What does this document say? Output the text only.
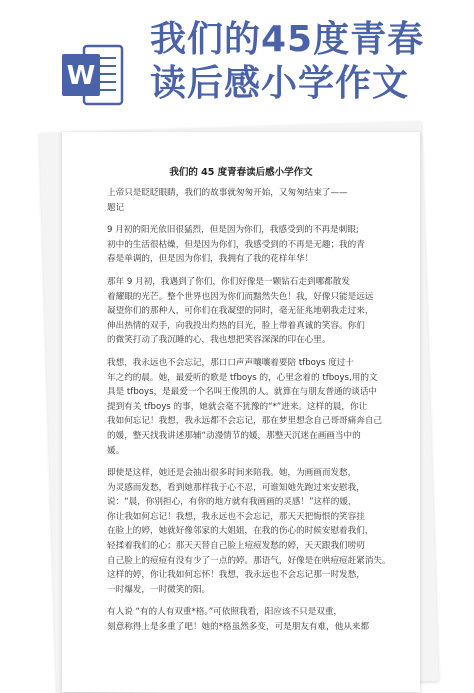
W
我们的45度青春
读后感小学作文
我们的 45 度青春读后感小学作文
上帝只是眨眨眼睛，我们的故事就匆匆开始，又匆匆结束了——
题记
9 月初的阳光依旧很猛烈，但是因为你们，我感受到的不再是刺眼;
初中的生活很枯燥，但是因为你们，我感受到的不再是无趣；我的青
春是单调的，但是因为你们，我拥有了我的花样年华！
那年 9 月初，我遇到了你们，你们好像是一颗钻石走到哪都散发
着耀眼的光芒。整个世界也因为你们而黯然失色！我，好像只能是远远
凝望你们的那种人，可你们在我凝望的同时，毫无征兆地朝我走过来，
伸出热情的双手，向我投出灼热的目光，脸上带着真诚的笑容。你们
的微笑打动了我沉睡的心，我也想把笑容深深的印在心里。
我想，我永远也不会忘记，那口口声声嚷嚷着要陪 tfboys 度过十
年之约的晨。她，最爱听的歌是 tfboys 的，心里念着的 tfboys,用的文
具是 tfboys，是最爱一个名叫王俊凯的人。就算在与朋友普通的谈话中
提到有关 tfboys 的事，她就会毫不犹豫的“*”进来。这样的晨，你让
我如何忘记！我想，我永远都不会忘记，那在梦里想念自己哥哥痛奔自己
的媛，整天找我讲述那辅“动漫情节的媛，那整天沉迷在画画当中的
媛。
即使是这样，她还是会抽出很多时间来陪我。她，为画画而发愁，
为灵感而发愁，看到她那样我于心不忍，可谁知她先跑过来安慰我，
说：“晨，你别担心，有你的地方就有我画画的灵感！”这样的媛，
你让我如何忘记！我想，我永远也不会忘记，那天天把悔恨的笑容挂
在脸上的婷，她就好像邻家的大姐姐，在我的伤心的时候安慰着我们，
轻揉着我们的心；那天天替自己脸上痘痘发愁的婷，天天跟我们唠叨
自己脸上的痘痘有没有少了一点的婷。那语气，好像是在哄痘痘赶紧消失。
这样的婷，你让我如何忘怀！我想，我永远也不会忘记那一时发愁，
一时爆发，一时微笑的阳。
有人说 “有的人有双重*格。”可依照我看，阳应该不只是双重，
刻意称得上是多重了吧！她的*格虽然多变，可是朋友有难，他从来都
